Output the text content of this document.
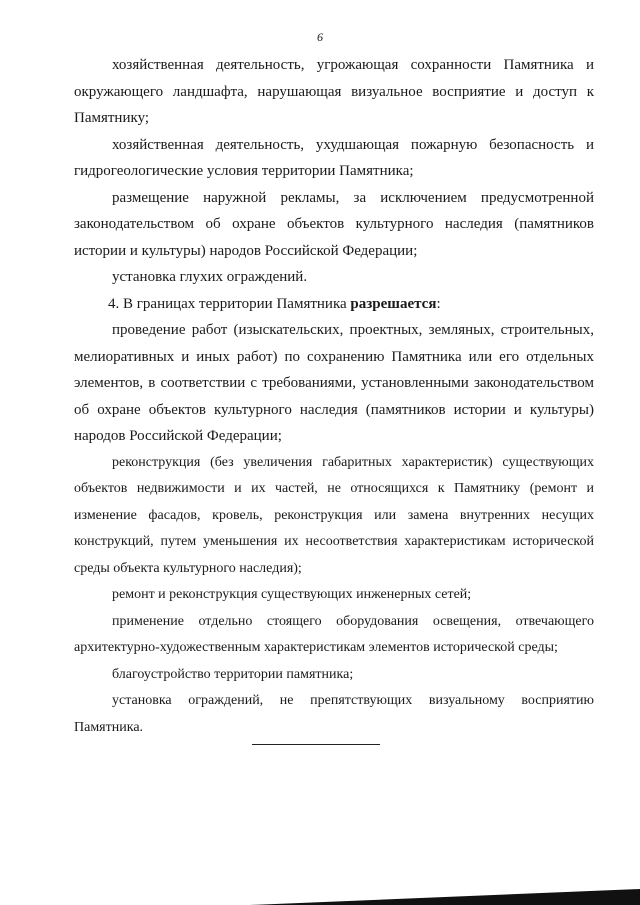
6

хозяйственная деятельность, угрожающая сохранности Памятника и окружающего ландшафта, нарушающая визуальное восприятие и доступ к Памятнику;

хозяйственная деятельность, ухудшающая пожарную безопасность и гидрогеологические условия территории Памятника;

размещение наружной рекламы, за исключением предусмотренной законодательством об охране объектов культурного наследия (памятников истории и культуры) народов Российской Федерации;

установка глухих ограждений.

4. В границах территории Памятника разрешается:

проведение работ (изыскательских, проектных, земляных, строительных, мелиоративных и иных работ) по сохранению Памятника или его отдельных элементов, в соответствии с требованиями, установленными законодательством об охране объектов культурного наследия (памятников истории и культуры) народов Российской Федерации;

реконструкция (без увеличения габаритных характеристик) существующих объектов недвижимости и их частей, не относящихся к Памятнику (ремонт и изменение фасадов, кровель, реконструкция или замена внутренних несущих конструкций, путем уменьшения их несоответствия характеристикам исторической среды объекта культурного наследия);

ремонт и реконструкция существующих инженерных сетей;

применение отдельно стоящего оборудования освещения, отвечающего архитектурно-художественным характеристикам элементов исторической среды;

благоустройство территории памятника;

установка ограждений, не препятствующих визуальному восприятию Памятника.
